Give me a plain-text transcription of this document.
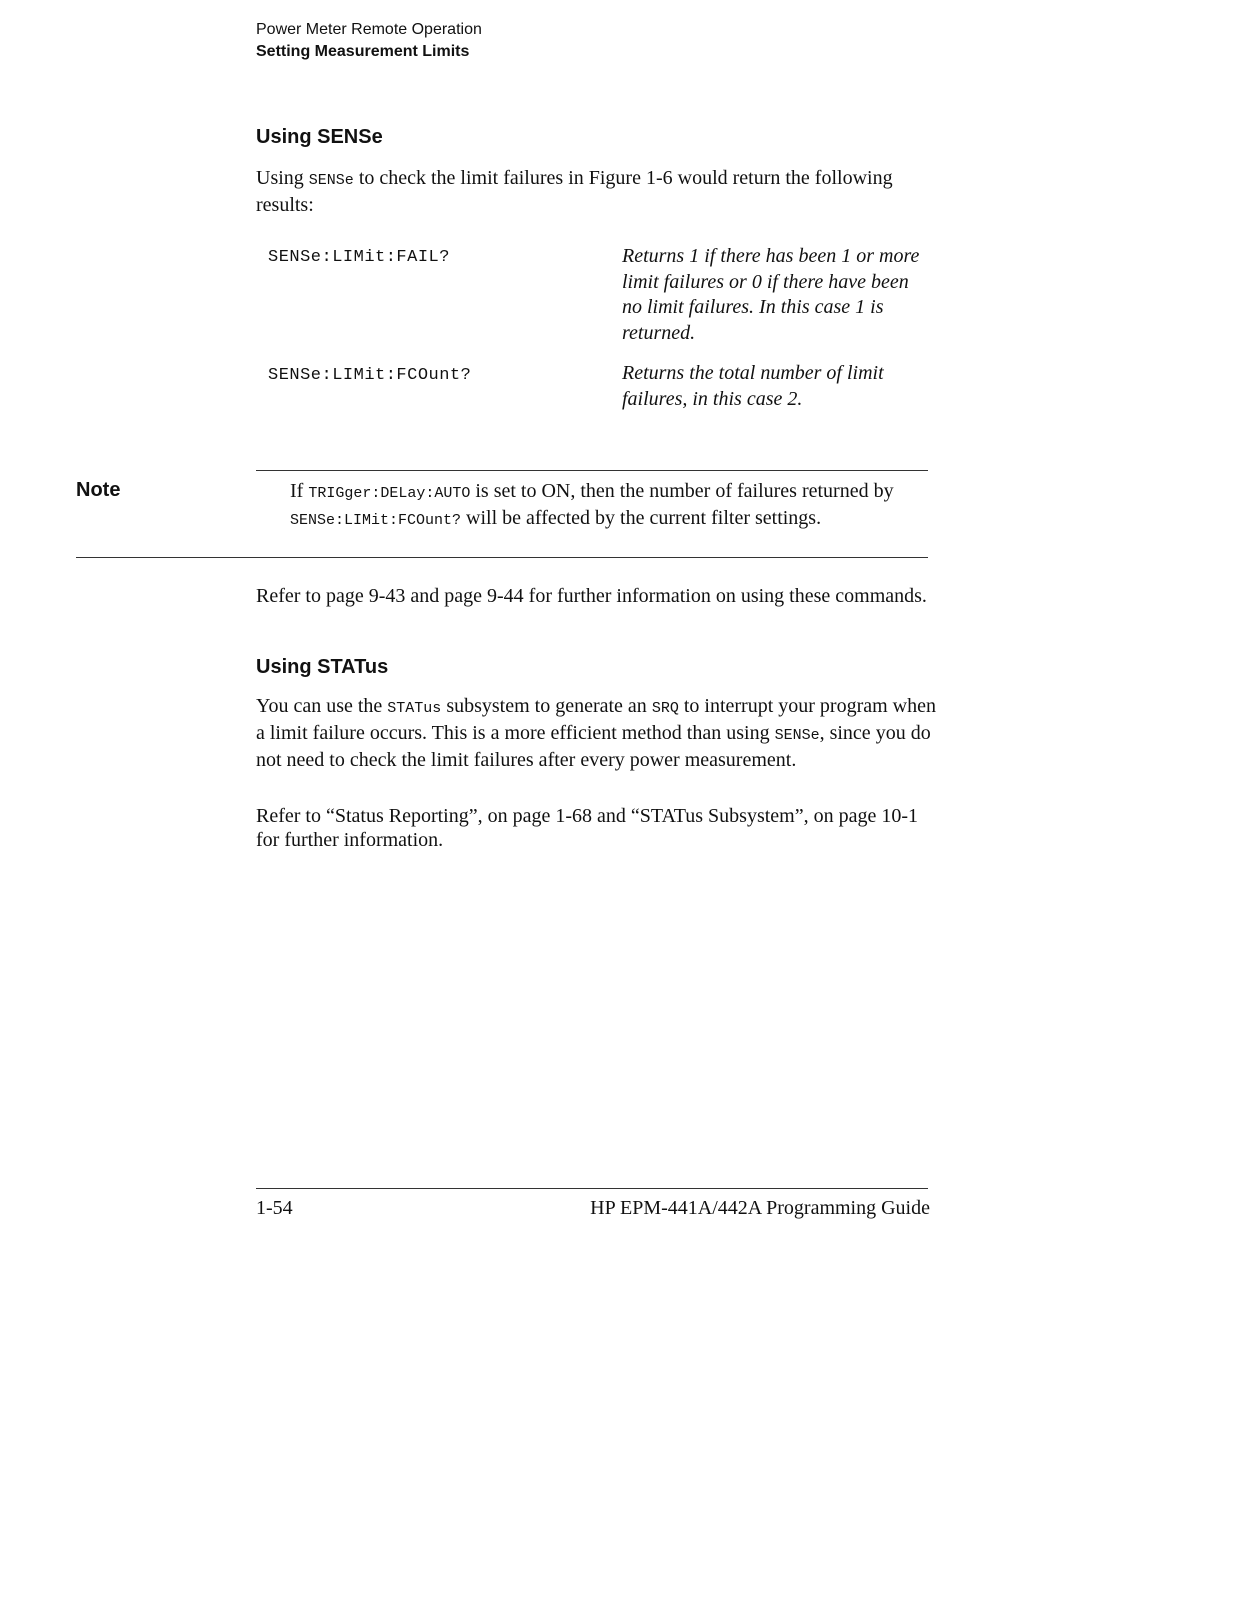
Power Meter Remote Operation
Setting Measurement Limits
Using SENSe
Using SENSe to check the limit failures in Figure 1-6 would return the following results:
SENSe:LIMit:FAIL?	Returns 1 if there has been 1 or more limit failures or 0 if there have been no limit failures. In this case 1 is returned.
SENSe:LIMit:FCOunt?	Returns the total number of limit failures, in this case 2.
Note	If TRIGger:DELay:AUTO is set to ON, then the number of failures returned by SENSe:LIMit:FCOunt? will be affected by the current filter settings.
Refer to page 9-43 and page 9-44 for further information on using these commands.
Using STATus
You can use the STATus subsystem to generate an SRQ to interrupt your program when a limit failure occurs. This is a more efficient method than using SENSe, since you do not need to check the limit failures after every power measurement.
Refer to “Status Reporting”, on page 1-68 and “STATus Subsystem”, on page 10-1 for further information.
1-54	HP EPM-441A/442A Programming Guide
